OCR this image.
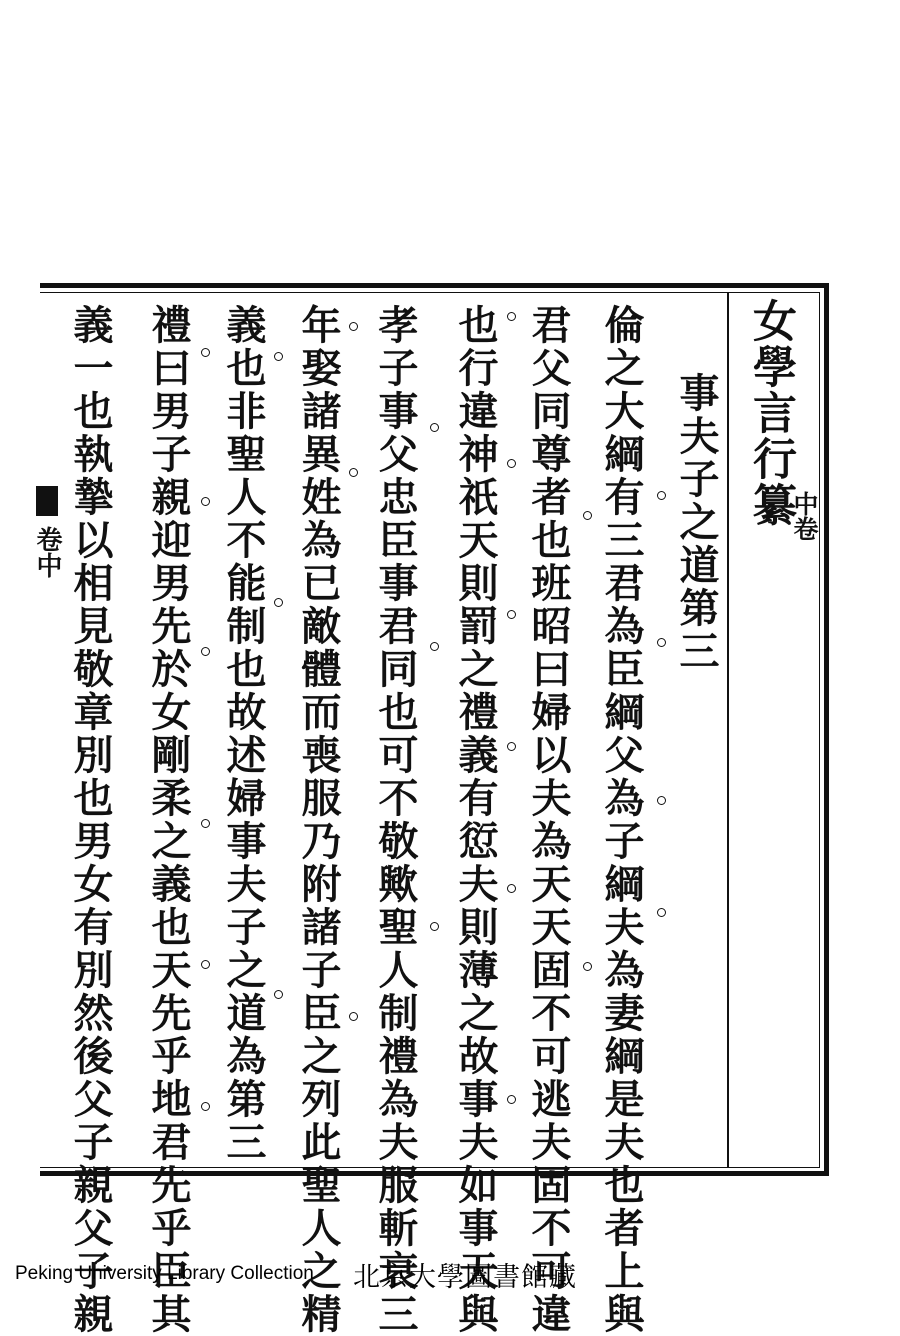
女學言行纂
中卷
事夫子之道第三
倫之大綱有三君為臣綱父為子綱夫為妻綱是夫也者上與
君父同尊者也班昭曰婦以夫為天天固不可逃夫固不可違
也行違神祇天則罰之禮義有愆夫則薄之故事夫如事天與
孝子事父忠臣事君同也可不敬歟聖人制禮為夫服斬衰三
年娶諸異姓為已敵體而喪服乃附諸子臣之列此聖人之精
義也非聖人不能制也故述婦事夫子之道為第三
禮曰男子親迎男先於女剛柔之義也天先乎地君先乎臣其
義一也執摯以相見敬章別也男女有別然後父子親父子親
卷中
Peking University Library Collection 北京大學圖書館藏
